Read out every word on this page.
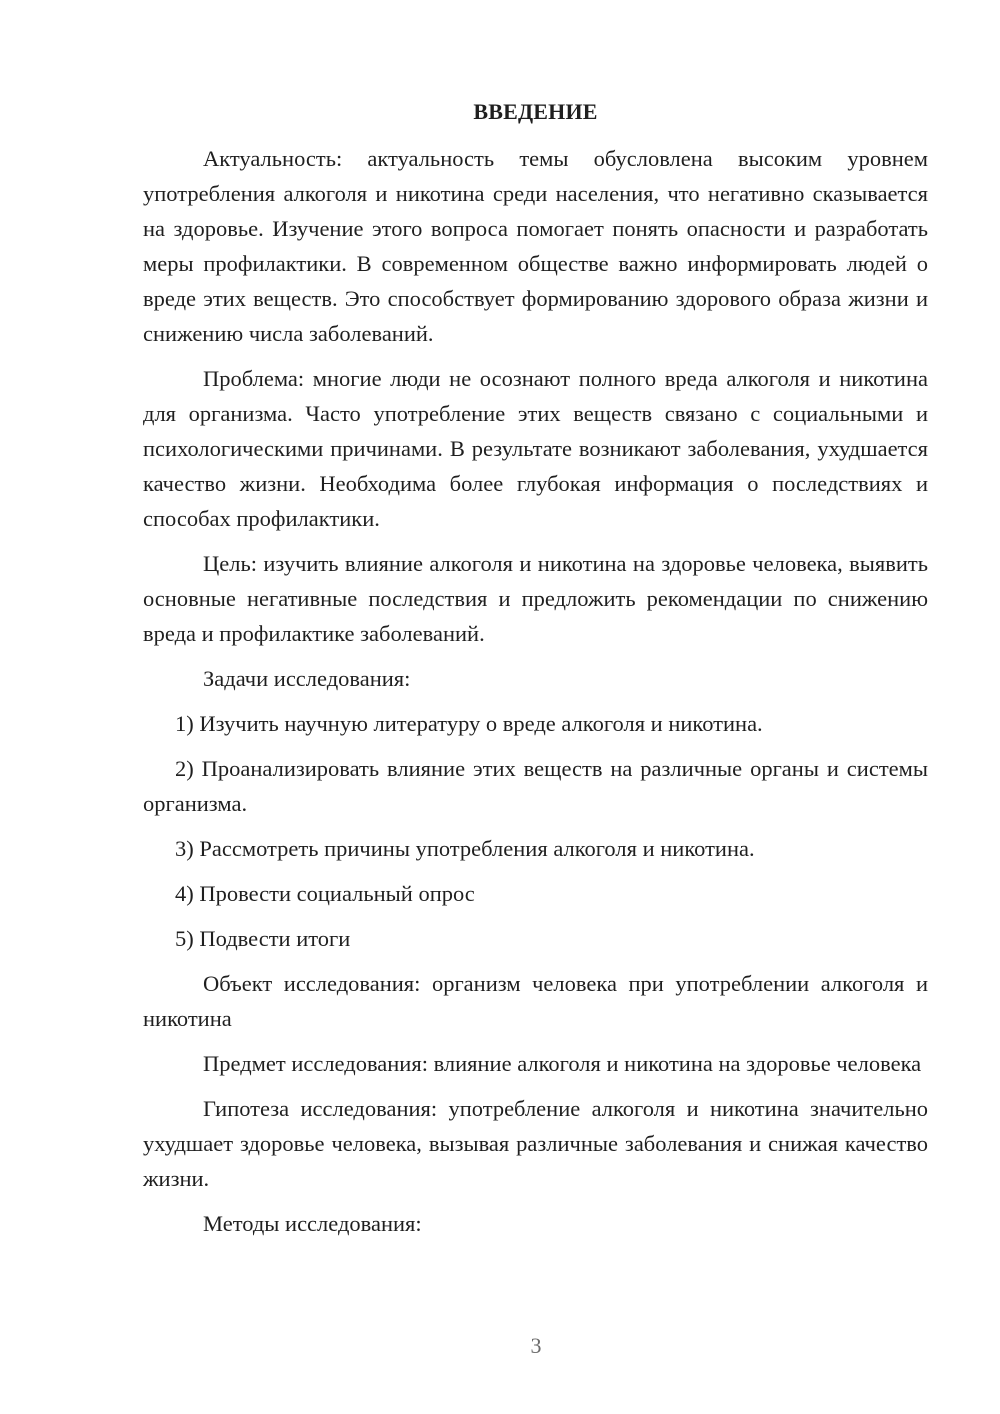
ВВЕДЕНИЕ

Актуальность: актуальность темы обусловлена высоким уровнем употребления алкоголя и никотина среди населения, что негативно сказывается на здоровье. Изучение этого вопроса помогает понять опасности и разработать меры профилактики. В современном обществе важно информировать людей о вреде этих веществ. Это способствует формированию здорового образа жизни и снижению числа заболеваний.

Проблема: многие люди не осознают полного вреда алкоголя и никотина для организма. Часто употребление этих веществ связано с социальными и психологическими причинами. В результате возникают заболевания, ухудшается качество жизни. Необходима более глубокая информация о последствиях и способах профилактики.

Цель: изучить влияние алкоголя и никотина на здоровье человека, выявить основные негативные последствия и предложить рекомендации по снижению вреда и профилактике заболеваний.

Задачи исследования:

1) Изучить научную литературу о вреде алкоголя и никотина.

2) Проанализировать влияние этих веществ на различные органы и системы организма.

3) Рассмотреть причины употребления алкоголя и никотина.

4) Провести социальный опрос

5) Подвести итоги

Объект исследования: организм человека при употреблении алкоголя и никотина

Предмет исследования: влияние алкоголя и никотина на здоровье человека

Гипотеза исследования: употребление алкоголя и никотина значительно ухудшает здоровье человека, вызывая различные заболевания и снижая качество жизни.

Методы исследования:

3
